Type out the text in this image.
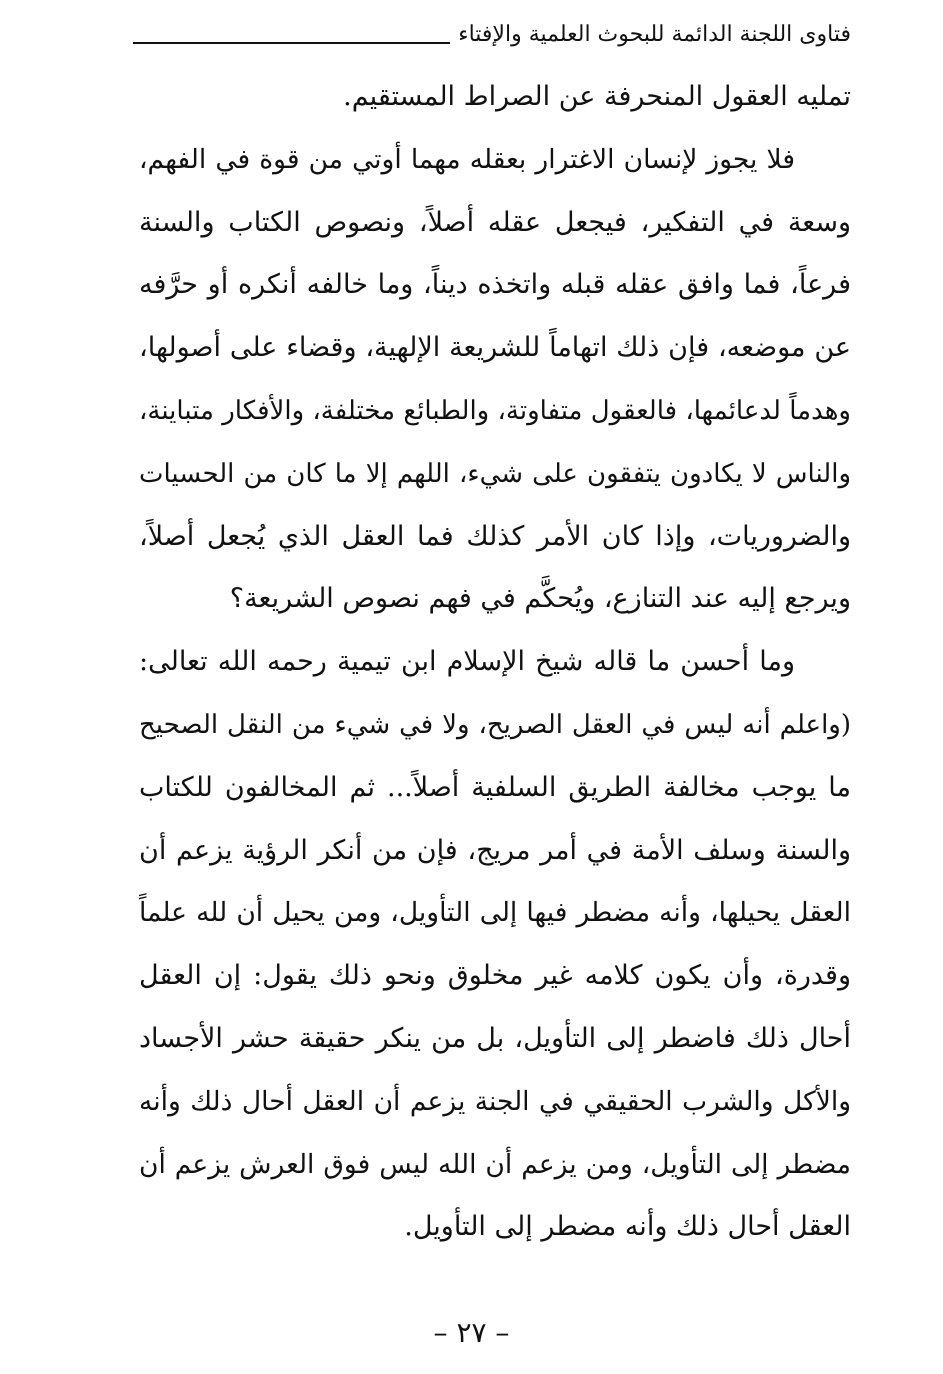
فتاوى اللجنة الدائمة للبحوث العلمية والإفتاء
تمليه العقول المنحرفة عن الصراط المستقيم.
فلا يجوز لإنسان الاغترار بعقله مهما أوتي من قوة في الفهم،
وسعة في التفكير، فيجعل عقله أصلاً، ونصوص الكتاب والسنة
فرعاً، فما وافق عقله قبله واتخذه ديناً، وما خالفه أنكره أو حرَّفه
عن موضعه، فإن ذلك اتهاماً للشريعة الإلهية، وقضاء على أصولها،
وهدماً لدعائمها، فالعقول متفاوتة، والطبائع مختلفة، والأفكار متباينة،
والناس لا يكادون يتفقون على شيء، اللهم إلا ما كان من الحسيات
والضروريات، وإذا كان الأمر كذلك فما العقل الذي يُجعل أصلاً،
ويرجع إليه عند التنازع، ويُحكَّم في فهم نصوص الشريعة؟
وما أحسن ما قاله شيخ الإسلام ابن تيمية رحمه الله تعالى:
(واعلم أنه ليس في العقل الصريح، ولا في شيء من النقل الصحيح
ما يوجب مخالفة الطريق السلفية أصلاً... ثم المخالفون للكتاب
والسنة وسلف الأمة في أمر مريج، فإن من أنكر الرؤية يزعم أن
العقل يحيلها، وأنه مضطر فيها إلى التأويل، ومن يحيل أن لله علماً
وقدرة، وأن يكون كلامه غير مخلوق ونحو ذلك يقول: إن العقل
أحال ذلك فاضطر إلى التأويل، بل من ينكر حقيقة حشر الأجساد
والأكل والشرب الحقيقي في الجنة يزعم أن العقل أحال ذلك وأنه
مضطر إلى التأويل، ومن يزعم أن الله ليس فوق العرش يزعم أن
العقل أحال ذلك وأنه مضطر إلى التأويل.
– ٢٧ –
